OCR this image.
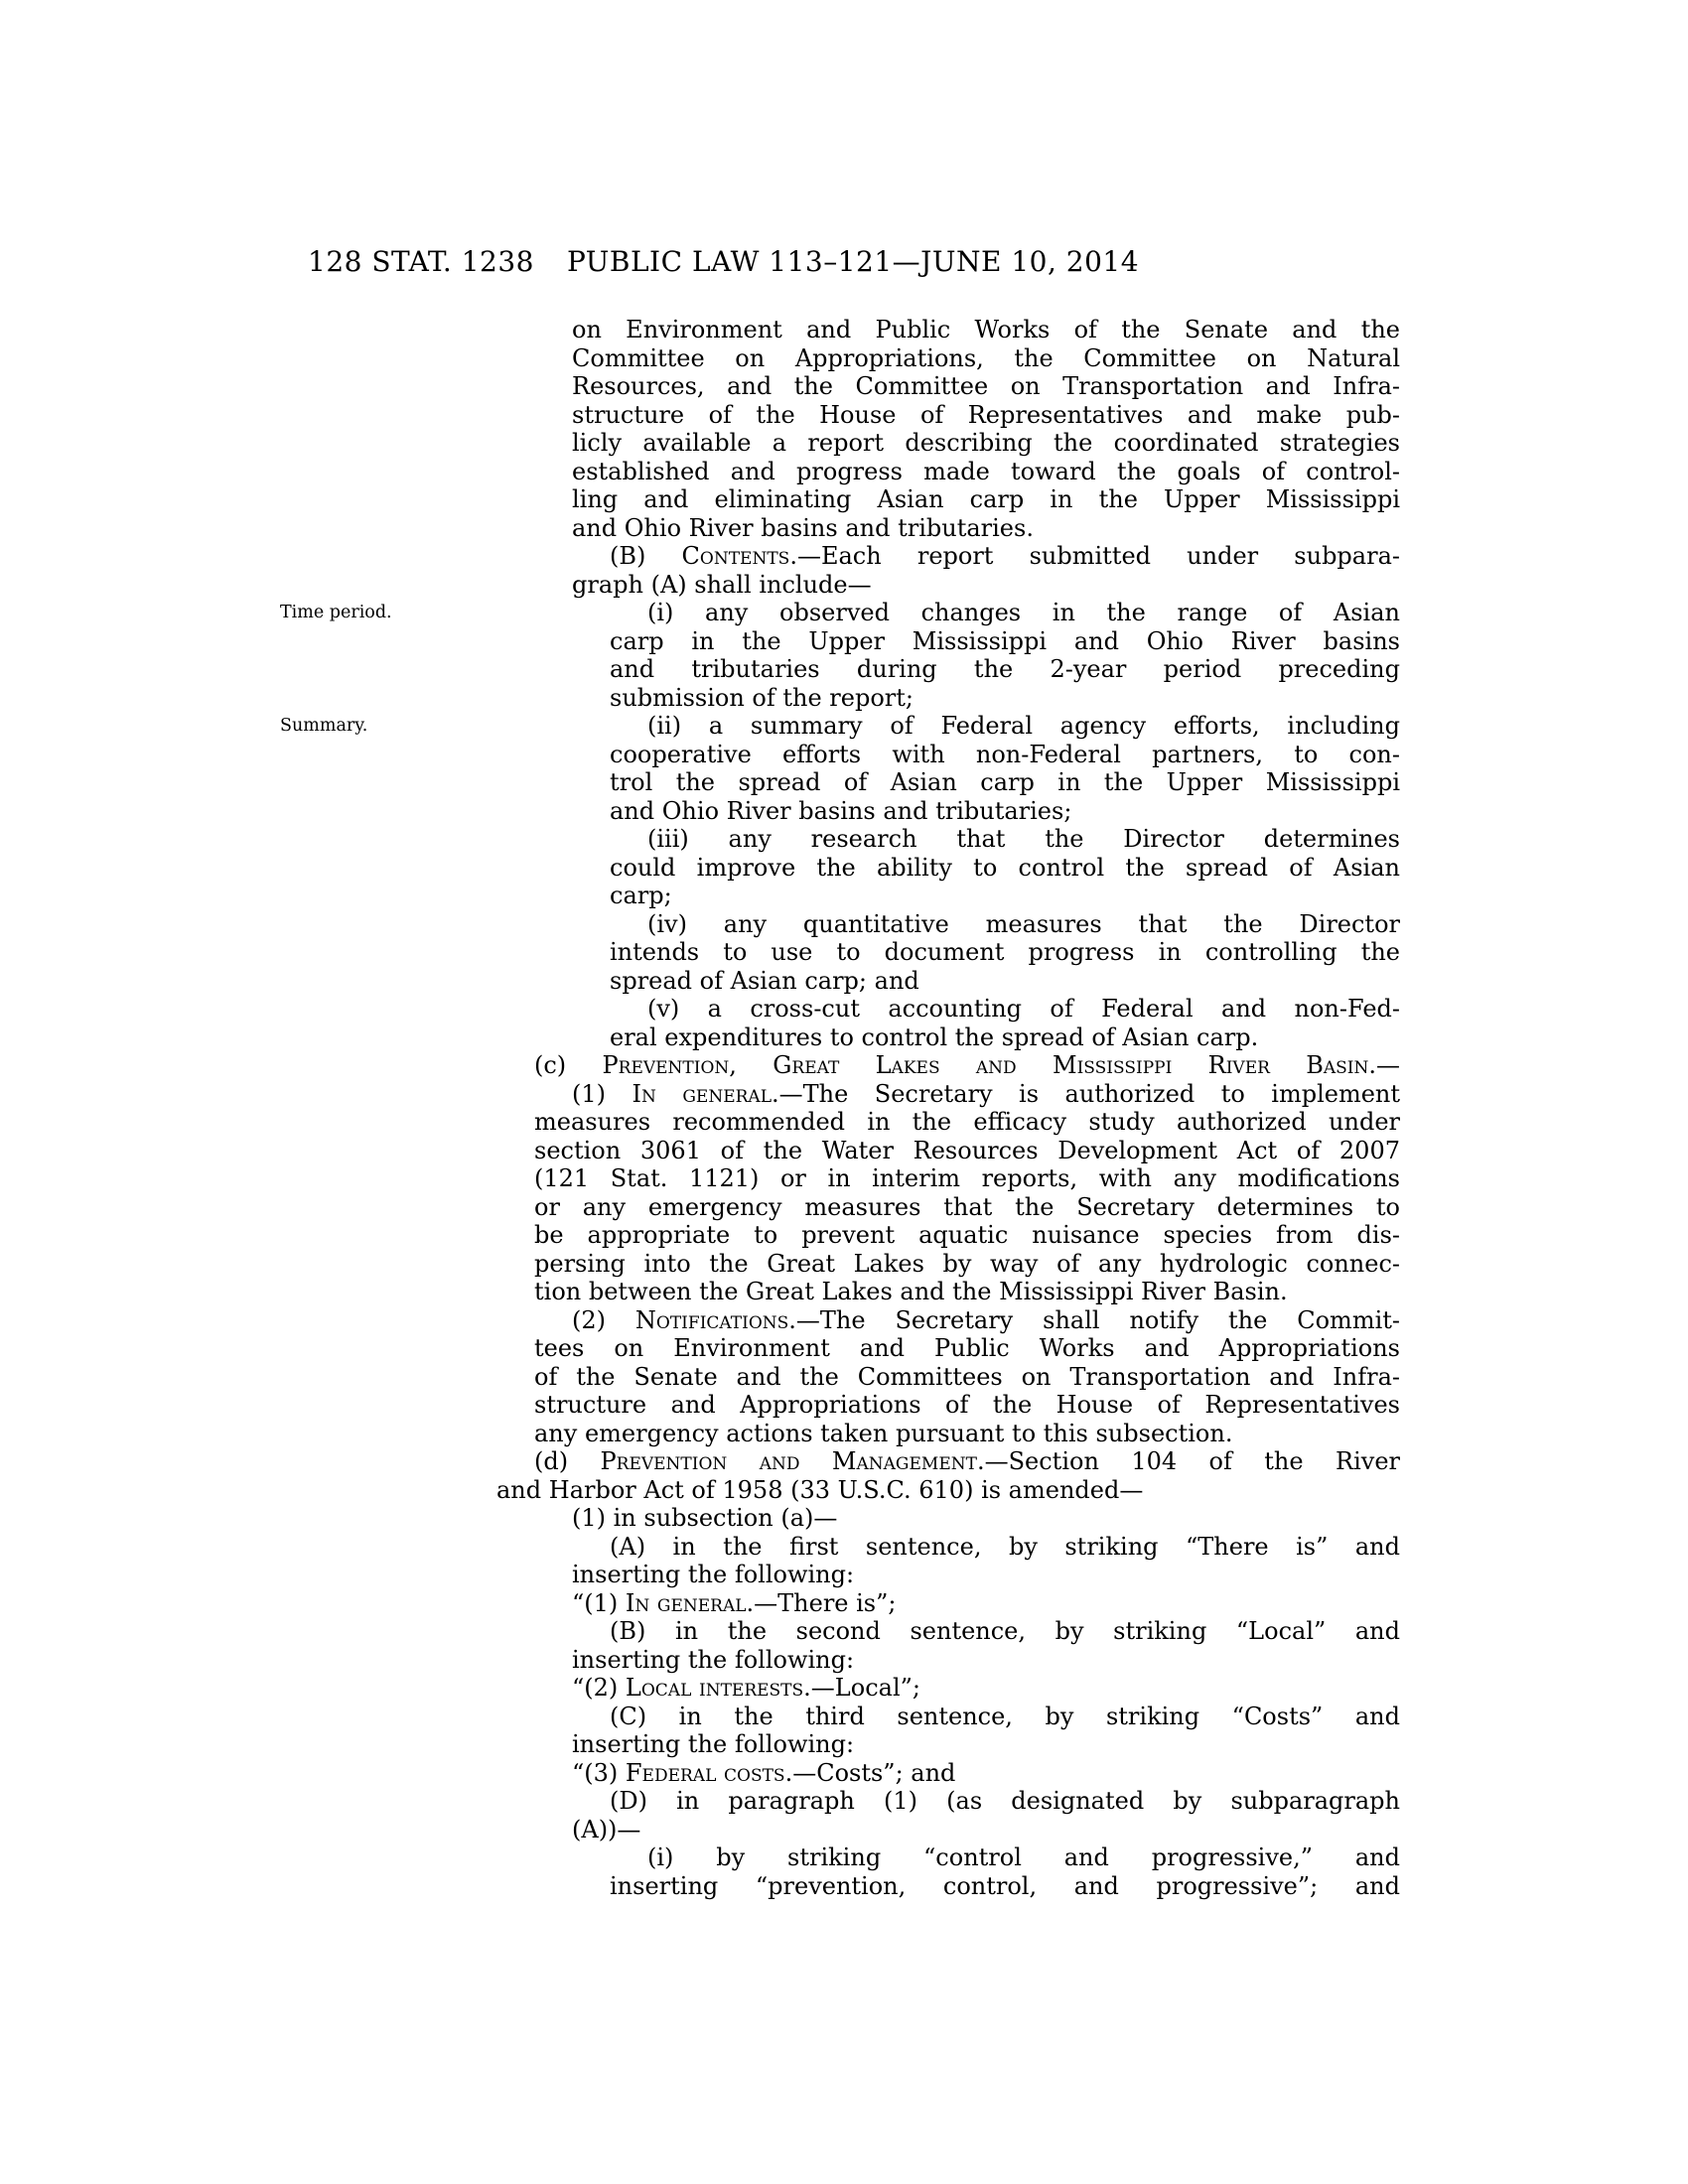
128 STAT. 1238	PUBLIC LAW 113–121—JUNE 10, 2014
Time period.
Summary.
on Environment and Public Works of the Senate and the
Committee on Appropriations, the Committee on Natural
Resources, and the Committee on Transportation and Infra-
structure of the House of Representatives and make pub-
licly available a report describing the coordinated strategies
established and progress made toward the goals of control-
ling and eliminating Asian carp in the Upper Mississippi
and Ohio River basins and tributaries.
(B) Contents.—Each report submitted under subpara-
graph (A) shall include—
(i) any observed changes in the range of Asian
carp in the Upper Mississippi and Ohio River basins
and tributaries during the 2-year period preceding
submission of the report;
(ii) a summary of Federal agency efforts, including
cooperative efforts with non-Federal partners, to con-
trol the spread of Asian carp in the Upper Mississippi
and Ohio River basins and tributaries;
(iii) any research that the Director determines
could improve the ability to control the spread of Asian
carp;
(iv) any quantitative measures that the Director
intends to use to document progress in controlling the
spread of Asian carp; and
(v) a cross-cut accounting of Federal and non-Fed-
eral expenditures to control the spread of Asian carp.
(c) Prevention, Great Lakes and Mississippi River Basin.—
(1) In general.—The Secretary is authorized to implement
measures recommended in the efficacy study authorized under
section 3061 of the Water Resources Development Act of 2007
(121 Stat. 1121) or in interim reports, with any modifications
or any emergency measures that the Secretary determines to
be appropriate to prevent aquatic nuisance species from dis-
persing into the Great Lakes by way of any hydrologic connec-
tion between the Great Lakes and the Mississippi River Basin.
(2) Notifications.—The Secretary shall notify the Commit-
tees on Environment and Public Works and Appropriations
of the Senate and the Committees on Transportation and Infra-
structure and Appropriations of the House of Representatives
any emergency actions taken pursuant to this subsection.
(d) Prevention and Management.—Section 104 of the River
and Harbor Act of 1958 (33 U.S.C. 610) is amended—
(1) in subsection (a)—
(A) in the first sentence, by striking “There is” and
inserting the following:
“(1) In general.—There is”;
(B) in the second sentence, by striking “Local” and
inserting the following:
“(2) Local interests.—Local”;
(C) in the third sentence, by striking “Costs” and
inserting the following:
“(3) Federal costs.—Costs”; and
(D) in paragraph (1) (as designated by subparagraph
(A))—
(i) by striking “control and progressive,” and
inserting “prevention, control, and progressive”; and
